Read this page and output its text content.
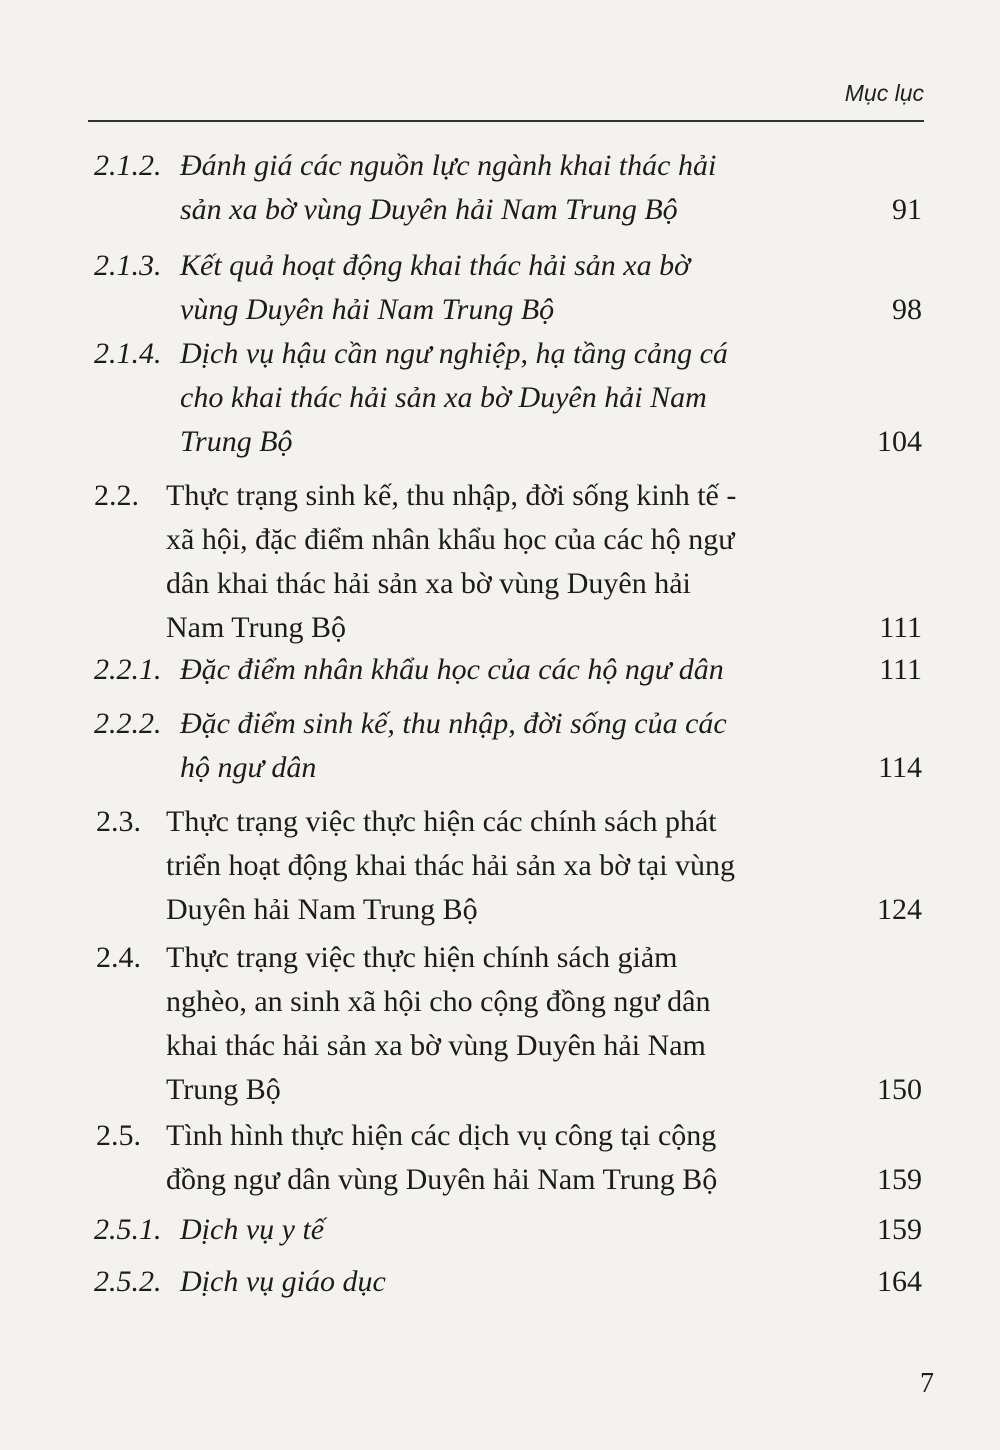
Mục lục
2.1.2. Đánh giá các nguồn lực ngành khai thác hải
sản xa bờ vùng Duyên hải Nam Trung Bộ	91
2.1.3. Kết quả hoạt động khai thác hải sản xa bờ
vùng Duyên hải Nam Trung Bộ	98
2.1.4. Dịch vụ hậu cần ngư nghiệp, hạ tầng cảng cá
cho khai thác hải sản xa bờ Duyên hải Nam
Trung Bộ	104
2.2. Thực trạng sinh kế, thu nhập, đời sống kinh tế -
xã hội, đặc điểm nhân khẩu học của các hộ ngư
dân khai thác hải sản xa bờ vùng Duyên hải
Nam Trung Bộ	111
2.2.1. Đặc điểm nhân khẩu học của các hộ ngư dân	111
2.2.2. Đặc điểm sinh kế, thu nhập, đời sống của các
hộ ngư dân	114
2.3. Thực trạng việc thực hiện các chính sách phát
triển hoạt động khai thác hải sản xa bờ tại vùng
Duyên hải Nam Trung Bộ	124
2.4. Thực trạng việc thực hiện chính sách giảm
nghèo, an sinh xã hội cho cộng đồng ngư dân
khai thác hải sản xa bờ vùng Duyên hải Nam
Trung Bộ	150
2.5. Tình hình thực hiện các dịch vụ công tại cộng
đồng ngư dân vùng Duyên hải Nam Trung Bộ	159
2.5.1. Dịch vụ y tế	159
2.5.2. Dịch vụ giáo dục	164
7
